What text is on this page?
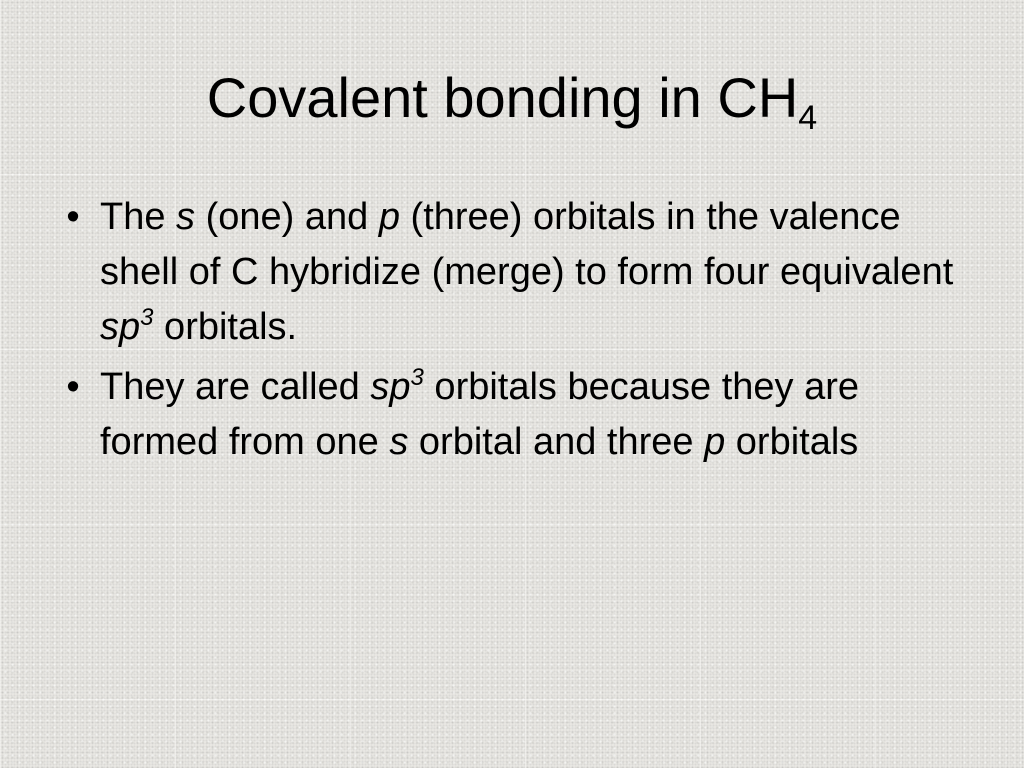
Covalent bonding in $CH_4$
• The s (one) and p (three) orbitals in the valence shell of C hybridize (merge) to form four equivalent $sp^3$ orbitals.
• They are called $sp^3$ orbitals because they are formed from one s orbital and three p orbitals
